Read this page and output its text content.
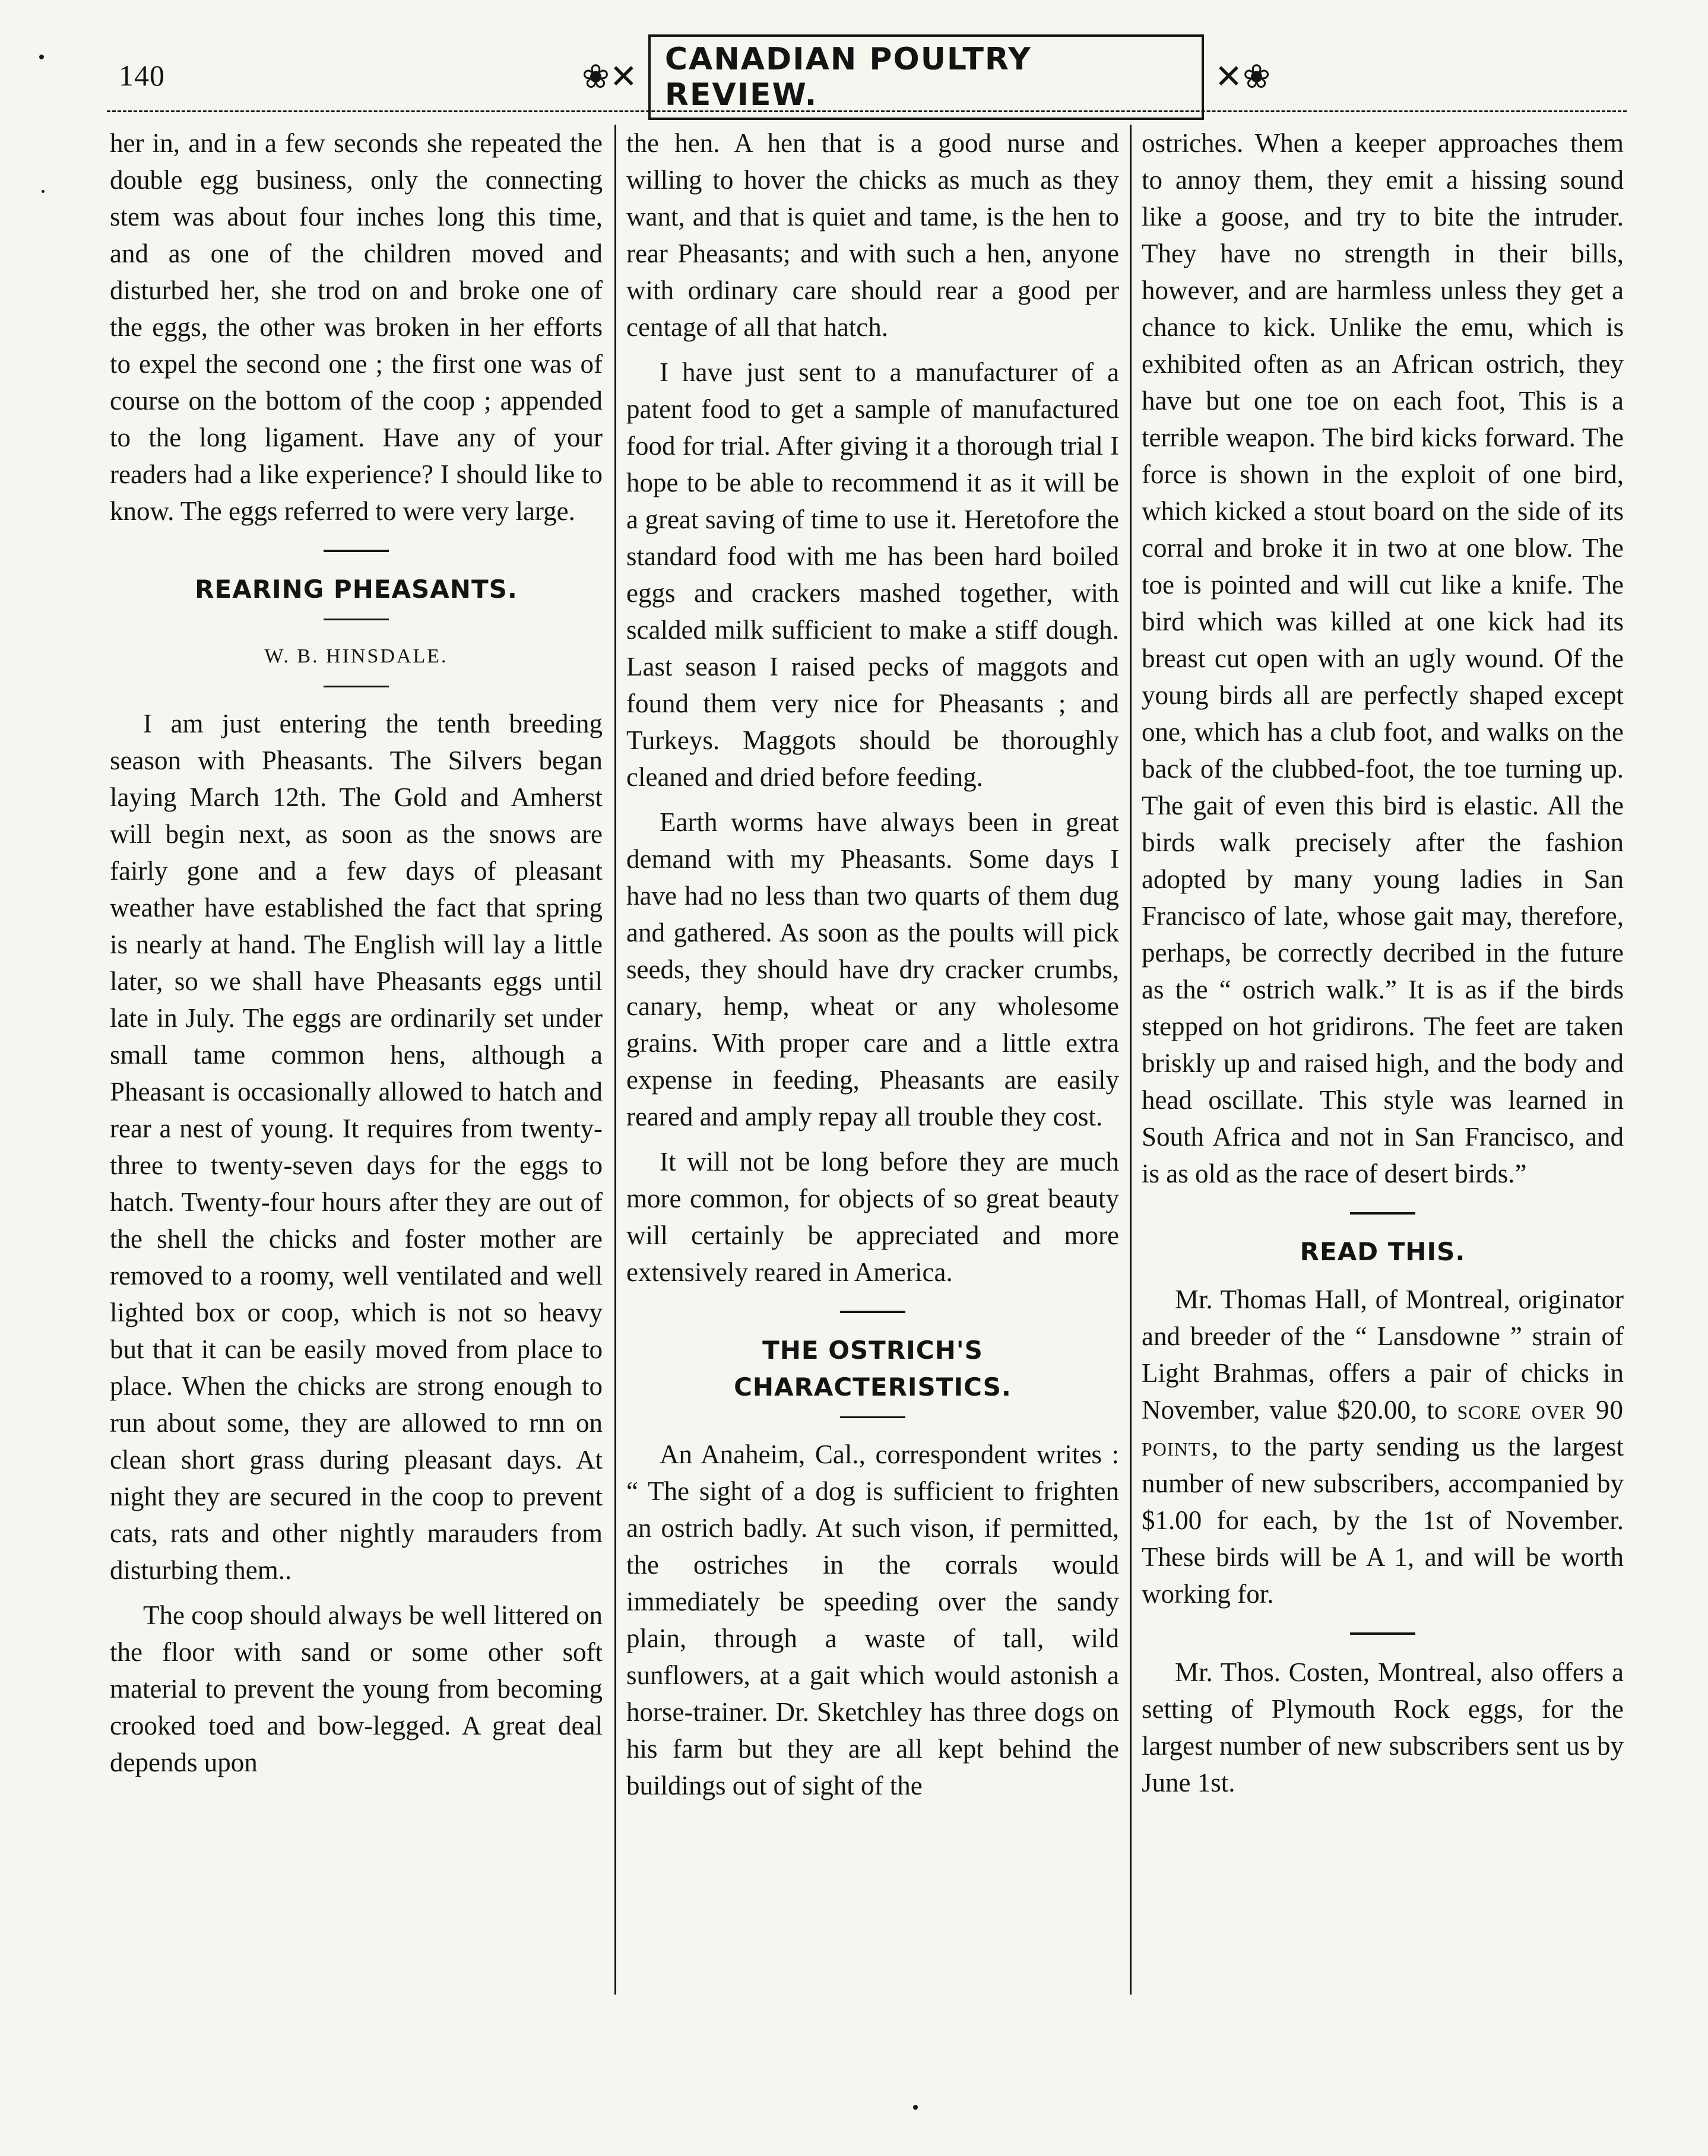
140	❀✕ CANADIAN POULTRY REVIEW.	✕❀

her in, and in a few seconds she repeated the double egg business, only the connecting stem was about four inches long this time, and as one of the children moved and disturbed her, she trod on and broke one of the eggs, the other was broken in her efforts to expel the second one ; the first one was of course on the bottom of the coop ; appended to the long ligament. Have any of your readers had a like experience? I should like to know. The eggs referred to were very large.

REARING PHEASANTS.
W. B. HINSDALE.

I am just entering the tenth breeding season with Pheasants. The Silvers began laying March 12th. The Gold and Amherst will begin next, as soon as the snows are fairly gone and a few days of pleasant weather have established the fact that spring is nearly at hand. The English will lay a little later, so we shall have Pheasants eggs until late in July. The eggs are ordinarily set under small tame common hens, although a Pheasant is occasionally allowed to hatch and rear a nest of young. It requires from twenty-three to twenty-seven days for the eggs to hatch. Twenty-four hours after they are out of the shell the chicks and foster mother are removed to a roomy, well ventilated and well lighted box or coop, which is not so heavy but that it can be easily moved from place to place. When the chicks are strong enough to run about some, they are allowed to rnn on clean short grass during pleasant days. At night they are secured in the coop to prevent cats, rats and other nightly marauders from disturbing them..

The coop should always be well littered on the floor with sand or some other soft material to prevent the young from becoming crooked toed and bow-legged. A great deal depends upon

the hen. A hen that is a good nurse and willing to hover the chicks as much as they want, and that is quiet and tame, is the hen to rear Pheasants; and with such a hen, anyone with ordinary care should rear a good per centage of all that hatch.

I have just sent to a manufacturer of a patent food to get a sample of manufactured food for trial. After giving it a thorough trial I hope to be able to recommend it as it will be a great saving of time to use it. Heretofore the standard food with me has been hard boiled eggs and crackers mashed together, with scalded milk sufficient to make a stiff dough. Last season I raised pecks of maggots and found them very nice for Pheasants ; and Turkeys. Maggots should be thoroughly cleaned and dried before feeding.

Earth worms have always been in great demand with my Pheasants. Some days I have had no less than two quarts of them dug and gathered. As soon as the poults will pick seeds, they should have dry cracker crumbs, canary, hemp, wheat or any wholesome grains. With proper care and a little extra expense in feeding, Pheasants are easily reared and amply repay all trouble they cost.

It will not be long before they are much more common, for objects of so great beauty will certainly be appreciated and more extensively reared in America.

THE OSTRICH'S CHARACTERISTICS.

An Anaheim, Cal., correspondent writes : “ The sight of a dog is sufficient to frighten an ostrich badly. At such vison, if permitted, the ostriches in the corrals would immediately be speeding over the sandy plain, through a waste of tall, wild sunflowers, at a gait which would astonish a horse-trainer. Dr. Sketchley has three dogs on his farm but they are all kept behind the buildings out of sight of the

ostriches. When a keeper approaches them to annoy them, they emit a hissing sound like a goose, and try to bite the intruder. They have no strength in their bills, however, and are harmless unless they get a chance to kick. Unlike the emu, which is exhibited often as an African ostrich, they have but one toe on each foot, This is a terrible weapon. The bird kicks forward. The force is shown in the exploit of one bird, which kicked a stout board on the side of its corral and broke it in two at one blow. The toe is pointed and will cut like a knife. The bird which was killed at one kick had its breast cut open with an ugly wound. Of the young birds all are perfectly shaped except one, which has a club foot, and walks on the back of the clubbed-foot, the toe turning up. The gait of even this bird is elastic. All the birds walk precisely after the fashion adopted by many young ladies in San Francisco of late, whose gait may, therefore, perhaps, be correctly decribed in the future as the “ ostrich walk.” It is as if the birds stepped on hot gridirons. The feet are taken briskly up and raised high, and the body and head oscillate. This style was learned in South Africa and not in San Francisco, and is as old as the race of desert birds.”

READ THIS.

Mr. Thomas Hall, of Montreal, originator and breeder of the “ Lansdowne ” strain of Light Brahmas, offers a pair of chicks in November, value $20.00, to score over 90 points, to the party sending us the largest number of new subscribers, accompanied by $1.00 for each, by the 1st of November. These birds will be A 1, and will be worth working for.

Mr. Thos. Costen, Montreal, also offers a setting of Plymouth Rock eggs, for the largest number of new subscribers sent us by June 1st.
